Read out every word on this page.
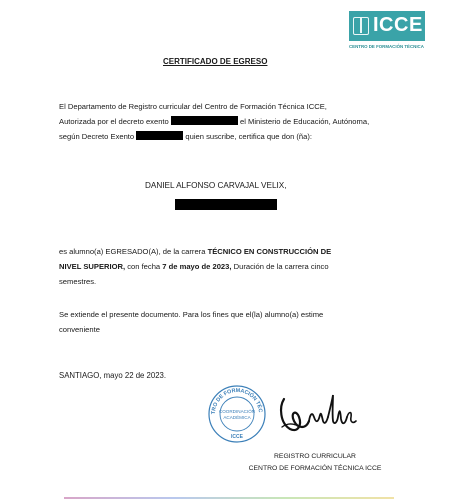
ICCE
CENTRO DE FORMACIÓN TÉCNICA
CERTIFICADO DE EGRESO
El Departamento de Registro curricular del Centro de Formación Técnica ICCE,
Autorizada por el decreto exento	el Ministerio de Educación, Autónoma,
según Decreto Exento	quien suscribe, certifica que don (ña):
DANIEL ALFONSO CARVAJAL VELIX,
es alumno(a) EGRESADO(A), de la carrera TÉCNICO EN CONSTRUCCIÓN DE
NIVEL SUPERIOR, con fecha 7 de mayo de 2023, Duración de la carrera cinco
semestres.
Se extiende el presente documento. Para los fines que el(la) alumno(a) estime
conveniente
SANTIAGO, mayo 22 de 2023.
TRO DE FORMACIÓN TÉC
COORDINACIÓN
ACADÉMICA
ICCE
REGISTRO CURRICULAR
CENTRO DE FORMACIÓN TÉCNICA ICCE
